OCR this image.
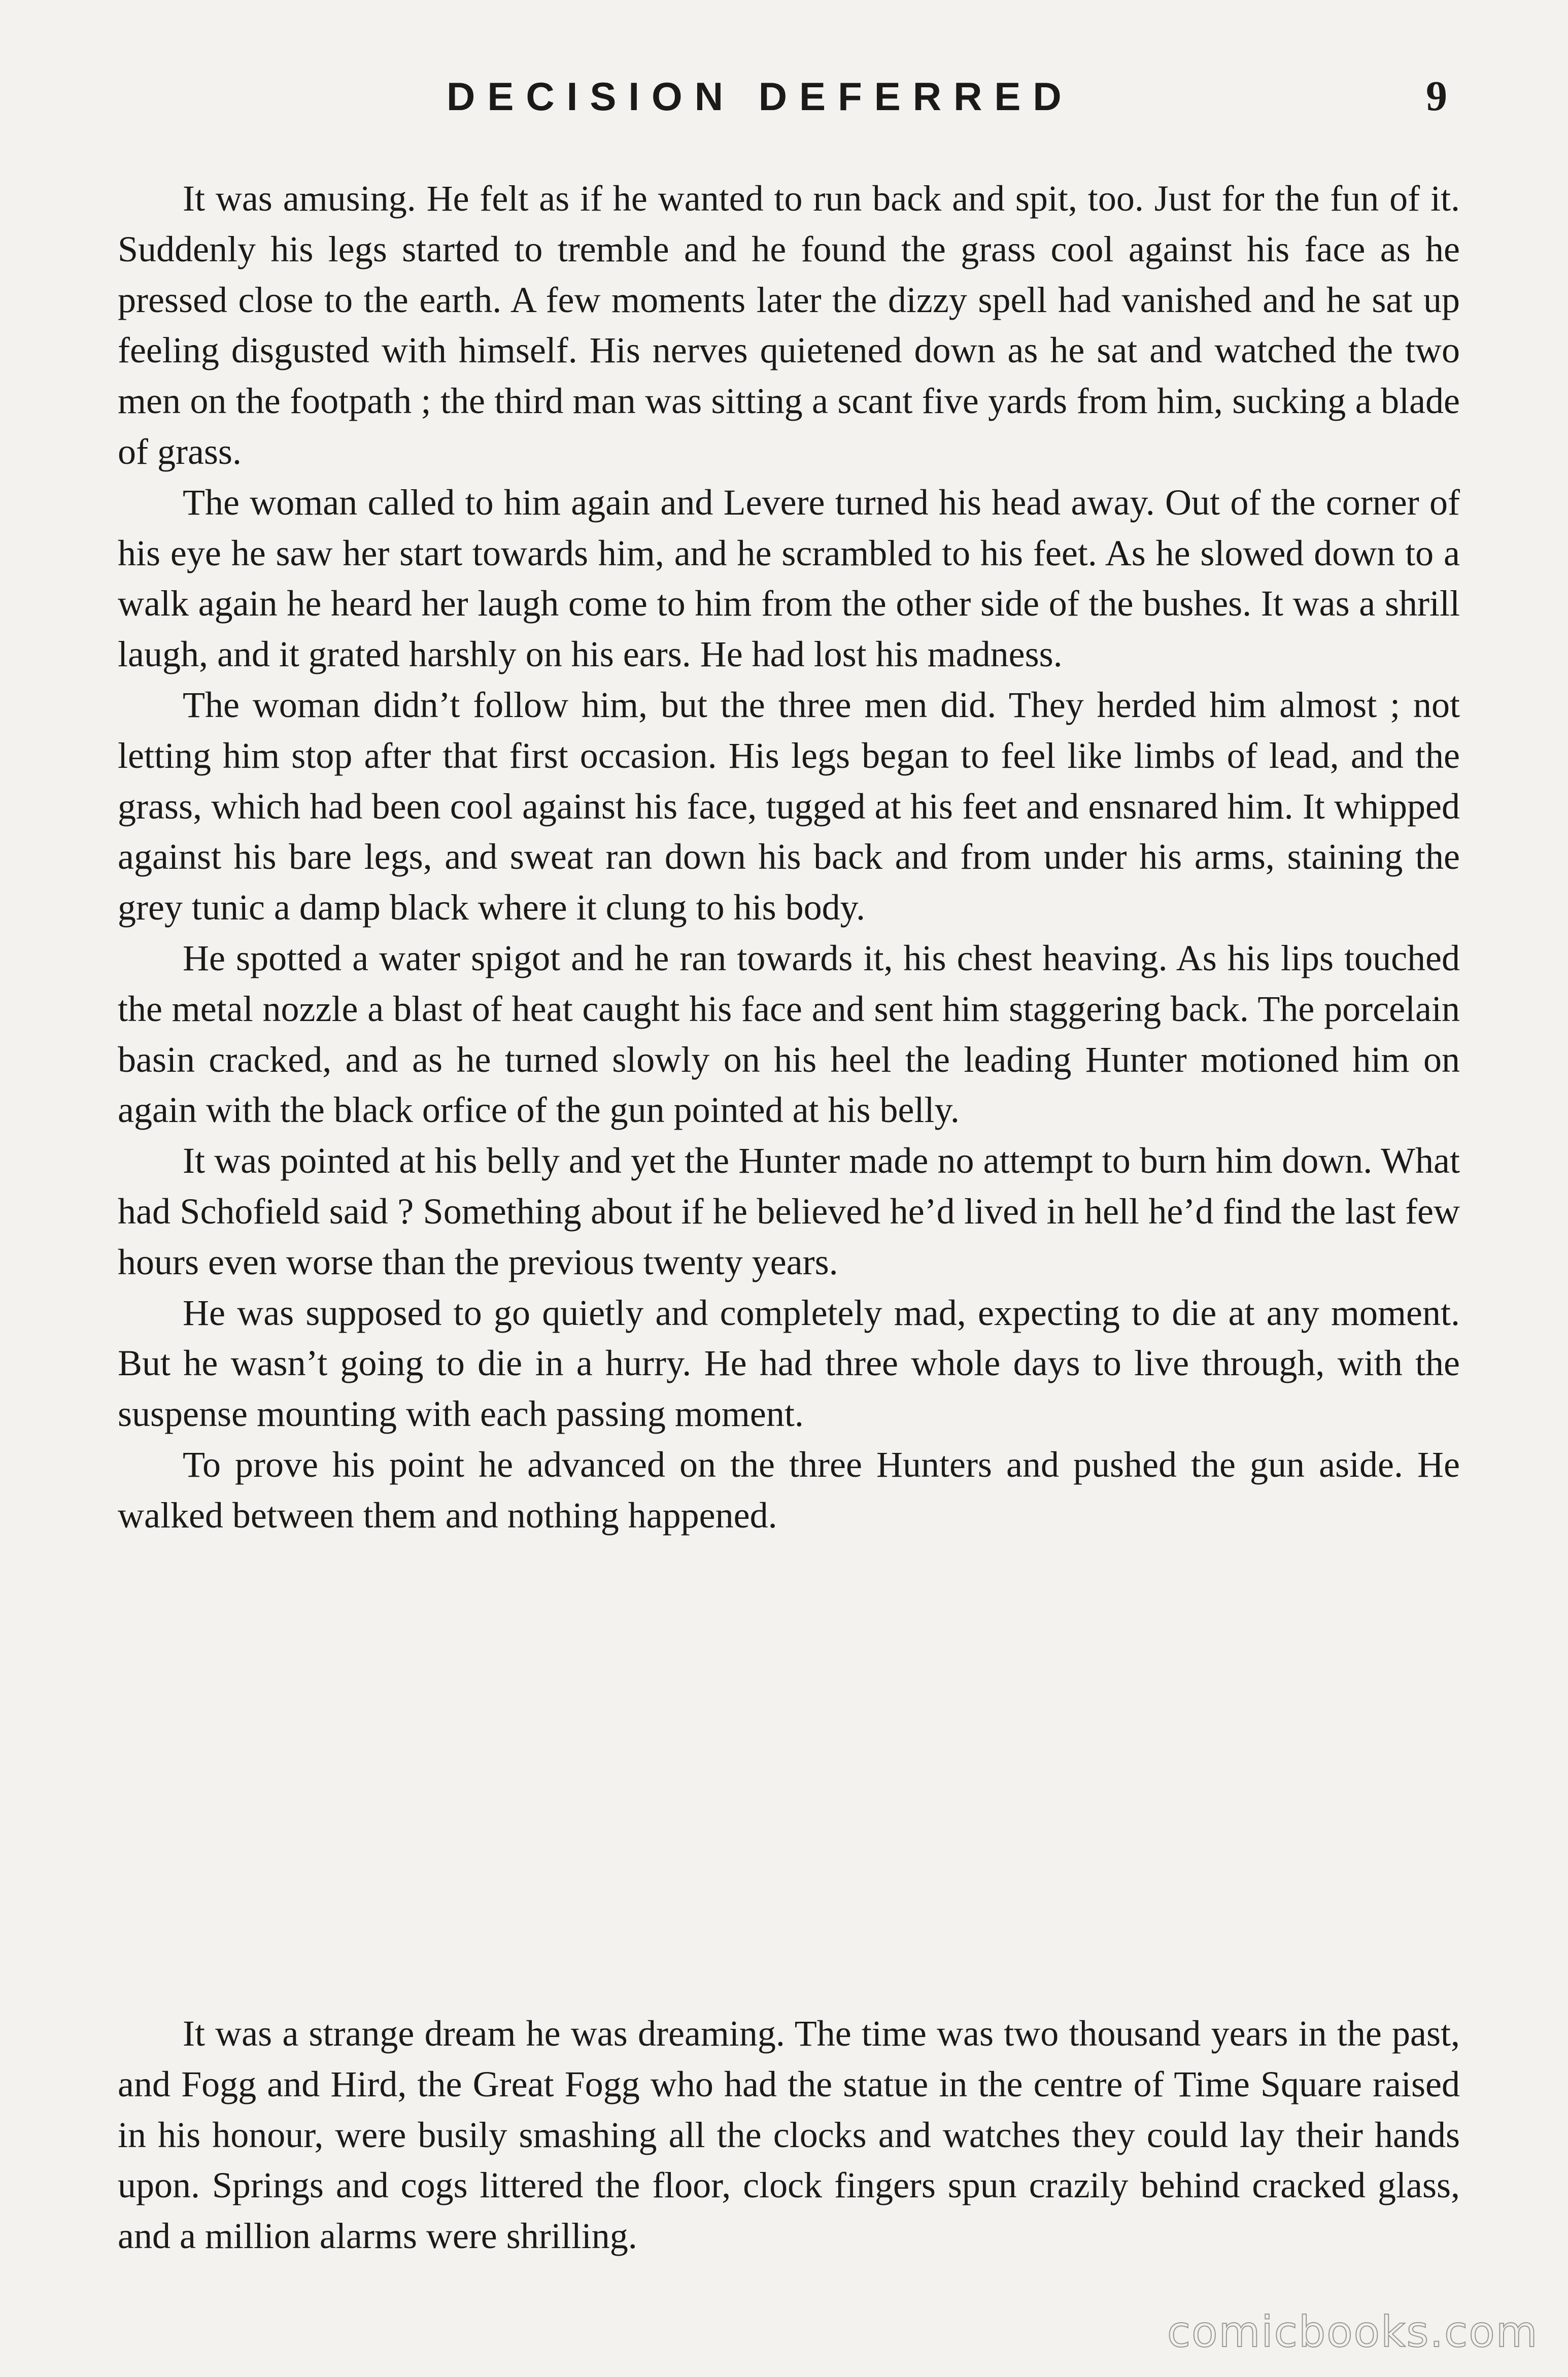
DECISION DEFERRED	9

It was amusing. He felt as if he wanted to run back and spit, too. Just for the fun of it. Suddenly his legs started to tremble and he found the grass cool against his face as he pressed close to the earth. A few moments later the dizzy spell had vanished and he sat up feeling disgusted with himself. His nerves quietened down as he sat and watched the two men on the footpath ; the third man was sitting a scant five yards from him, sucking a blade of grass.

The woman called to him again and Levere turned his head away. Out of the corner of his eye he saw her start towards him, and he scrambled to his feet. As he slowed down to a walk again he heard her laugh come to him from the other side of the bushes. It was a shrill laugh, and it grated harshly on his ears. He had lost his madness.

The woman didn’t follow him, but the three men did. They herded him almost ; not letting him stop after that first occasion. His legs began to feel like limbs of lead, and the grass, which had been cool against his face, tugged at his feet and ensnared him. It whipped against his bare legs, and sweat ran down his back and from under his arms, staining the grey tunic a damp black where it clung to his body.

He spotted a water spigot and he ran towards it, his chest heaving. As his lips touched the metal nozzle a blast of heat caught his face and sent him staggering back. The porcelain basin cracked, and as he turned slowly on his heel the leading Hunter motioned him on again with the black orfice of the gun pointed at his belly.

It was pointed at his belly and yet the Hunter made no attempt to burn him down. What had Schofield said ? Something about if he believed he’d lived in hell he’d find the last few hours even worse than the previous twenty years.

He was supposed to go quietly and completely mad, expecting to die at any moment. But he wasn’t going to die in a hurry. He had three whole days to live through, with the suspense mounting with each passing moment.

To prove his point he advanced on the three Hunters and pushed the gun aside. He walked between them and nothing happened.

It was a strange dream he was dreaming. The time was two thousand years in the past, and Fogg and Hird, the Great Fogg who had the statue in the centre of Time Square raised in his honour, were busily smashing all the clocks and watches they could lay their hands upon. Springs and cogs littered the floor, clock fingers spun crazily behind cracked glass, and a million alarms were shrilling.

comicbooks.com
